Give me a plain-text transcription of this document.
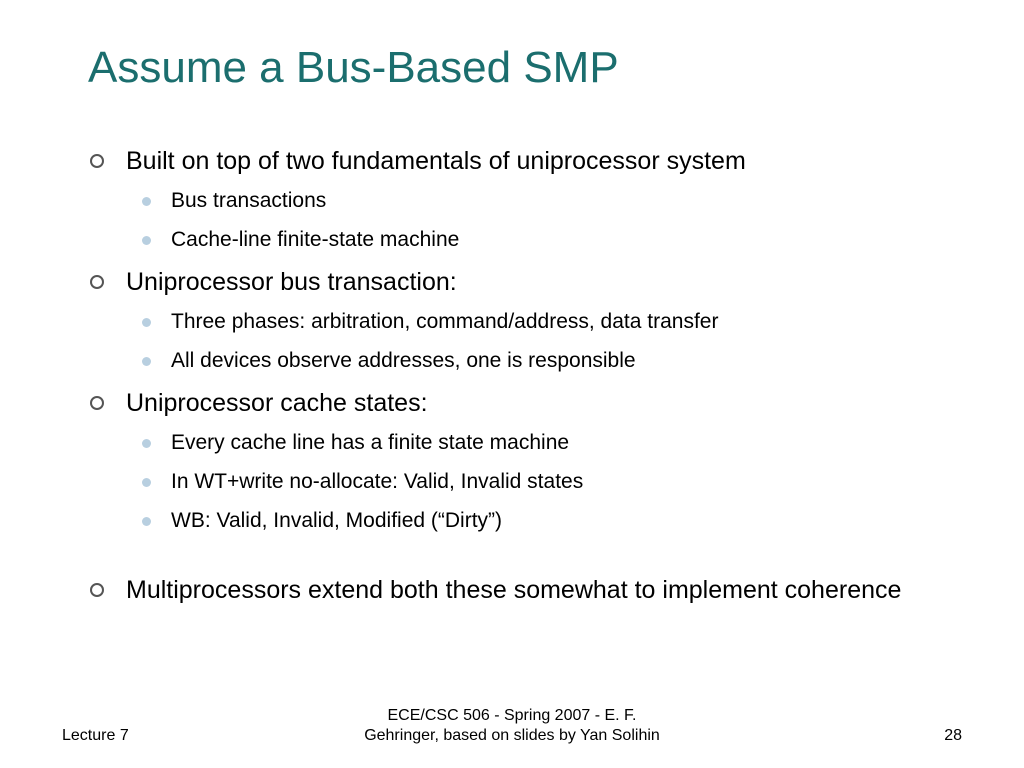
Assume a Bus-Based SMP
Built on top of two fundamentals of uniprocessor system
Bus transactions
Cache-line finite-state machine
Uniprocessor bus transaction:
Three phases: arbitration, command/address, data transfer
All devices observe addresses, one is responsible
Uniprocessor cache states:
Every cache line has a finite state machine
In WT+write no-allocate: Valid, Invalid states
WB: Valid, Invalid, Modified (“Dirty”)
Multiprocessors extend both these somewhat to implement coherence
Lecture 7
ECE/CSC 506 - Spring 2007 - E. F.
Gehringer, based on slides by Yan Solihin	28
